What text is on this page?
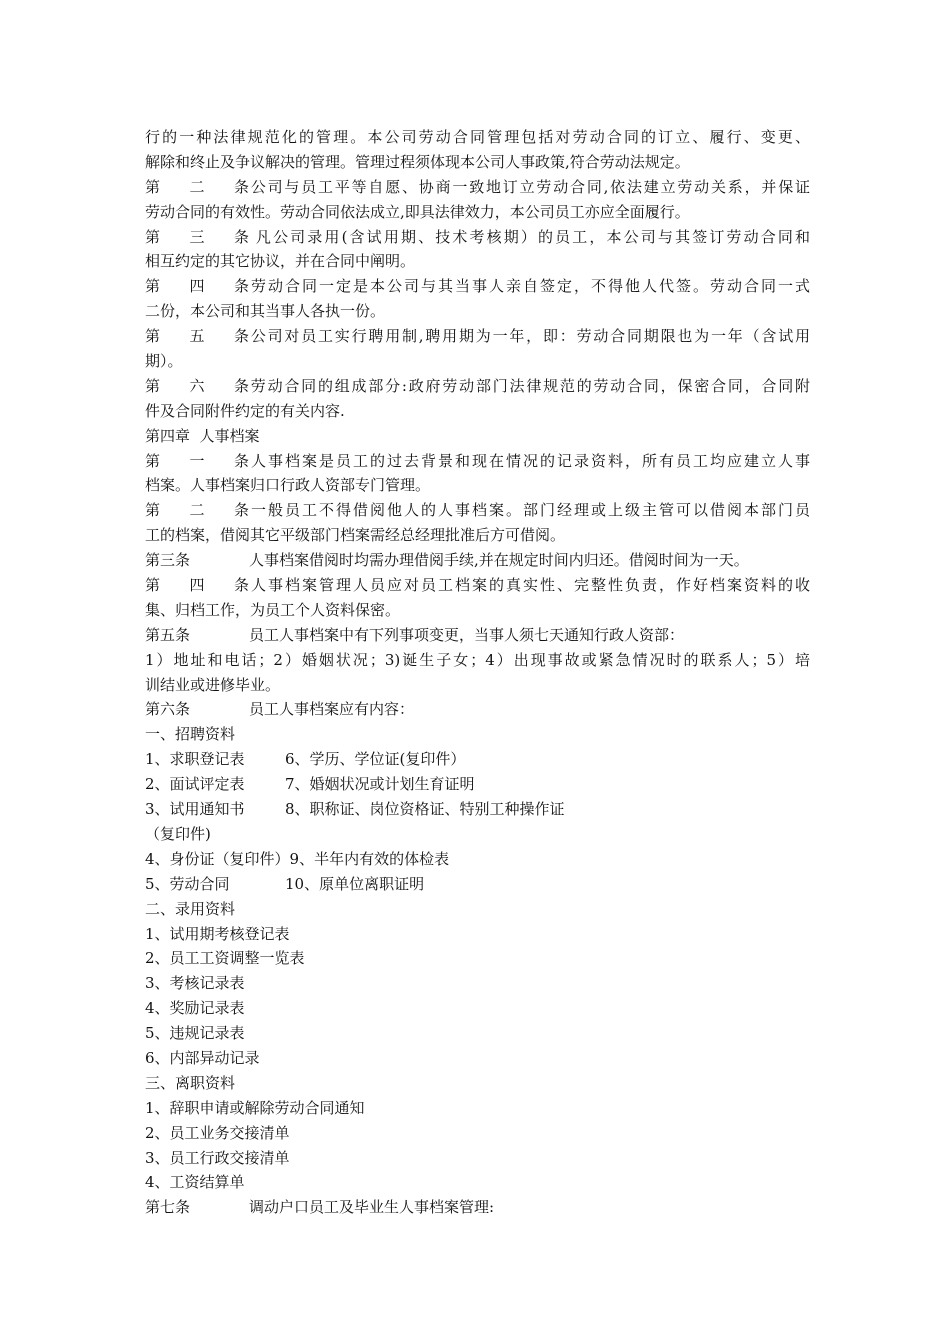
行的一种法律规范化的管理。本公司劳动合同管理包括对劳动合同的订立、履行、变更、
解除和终止及争议解决的管理。管理过程须体现本公司人事政策,符合劳动法规定。
第二条公司与员工平等自愿、协商一致地订立劳动合同,依法建立劳动关系，并保证
劳动合同的有效性。劳动合同依法成立,即具法律效力，本公司员工亦应全面履行。
第三条 凡公司录用(含试用期、技术考核期）的员工，本公司与其签订劳动合同和
相互约定的其它协议，并在合同中阐明。
第四条劳动合同一定是本公司与其当事人亲自签定，不得他人代签。劳动合同一式
二份，本公司和其当事人各执一份。
第五条公司对员工实行聘用制,聘用期为一年，即：劳动合同期限也为一年（含试用
期）。
第六条劳动合同的组成部分:政府劳动部门法律规范的劳动合同，保密合同，合同附
件及合同附件约定的有关内容.
第四章  人事档案
第一条人事档案是员工的过去背景和现在情况的记录资料，所有员工均应建立人事
档案。人事档案归口行政人资部专门管理。
第二条一般员工不得借阅他人的人事档案。部门经理或上级主管可以借阅本部门员
工的档案，借阅其它平级部门档案需经总经理批准后方可借阅。
第三条	人事档案借阅时均需办理借阅手续,并在规定时间内归还。借阅时间为一天。
第四条人事档案管理人员应对员工档案的真实性、完整性负责，作好档案资料的收
集、归档工作，为员工个人资料保密。
第五条	员工人事档案中有下列事项变更，当事人须七天通知行政人资部：
1）地址和电话；2）婚姻状况；3)诞生子女；4）出现事故或紧急情况时的联系人；5）培
训结业或进修毕业。
第六条	员工人事档案应有内容：
一、招聘资料
1、求职登记表	6、学历、学位证(复印件）
2、面试评定表	7、婚姻状况或计划生育证明
3、试用通知书	8、职称证、岗位资格证、特别工种操作证
（复印件)
4、身份证（复印件）9、半年内有效的体检表
5、劳动合同	10、原单位离职证明
二、录用资料
1、试用期考核登记表
2、员工工资调整一览表
3、考核记录表
4、奖励记录表
5、违规记录表
6、内部异动记录
三、离职资料
1、辞职申请或解除劳动合同通知
2、员工业务交接清单
3、员工行政交接清单
4、工资结算单
第七条	调动户口员工及毕业生人事档案管理:
